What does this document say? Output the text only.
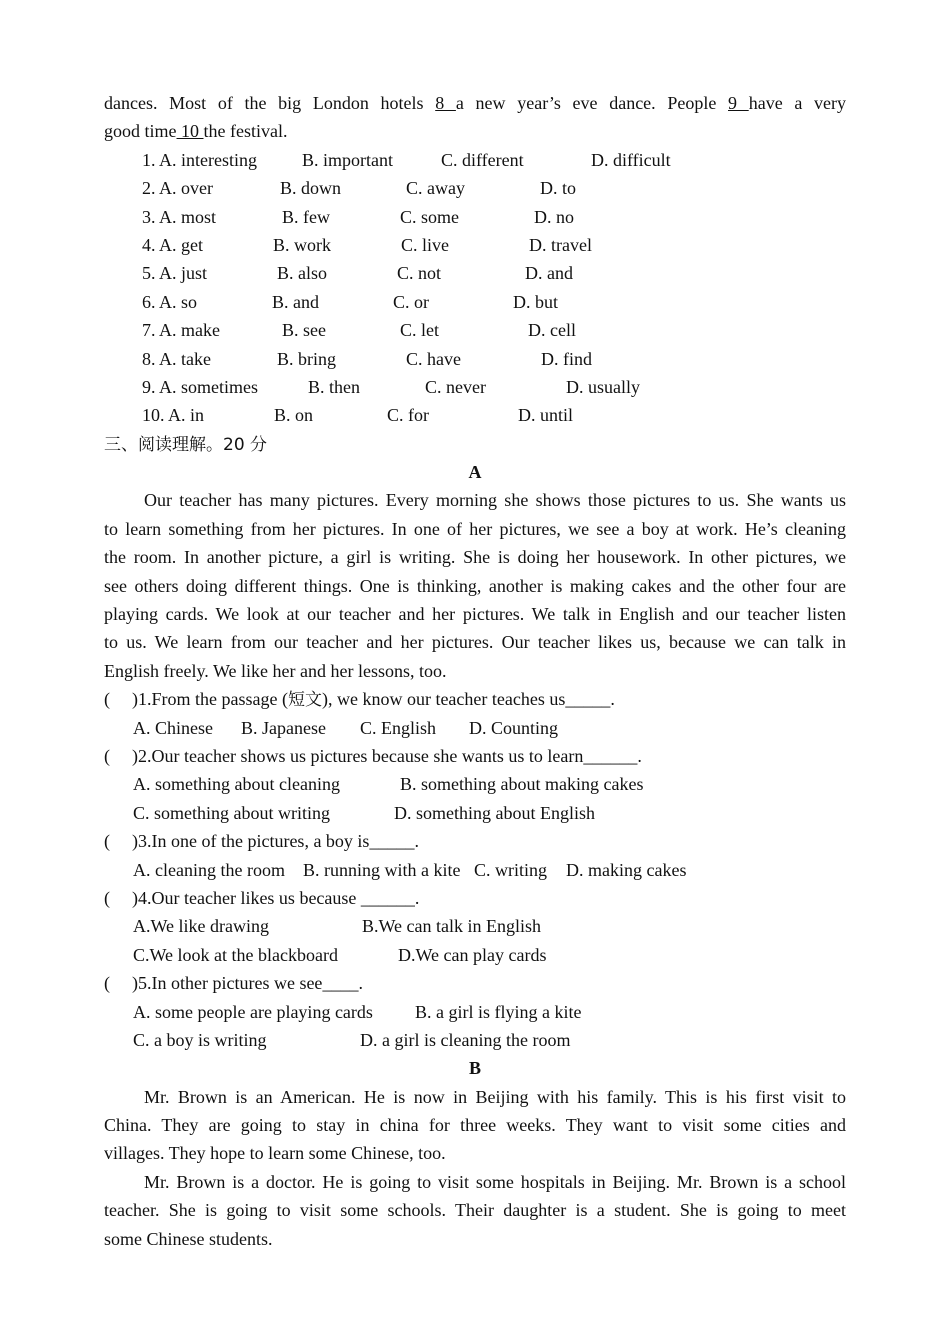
dances. Most of the big London hotels 8 a new year’s eve dance. People 9 have a very
good time 10 the festival.
1. A. interesting	B. important	C. different	D. difficult
2. A. over	B. down	C. away	D. to
3. A. most	B. few	C. some	D. no
4. A. get	B. work	C. live	D. travel
5. A. just	B. also	C. not	D. and
6. A. so	B. and	C. or	D. but
7. A. make	B. see	C. let	D. cell
8. A. take	B. bring	C. have	D. find
9. A. sometimes	B. then	C. never	D. usually
10. A. in	B. on	C. for	D. until
三、阅读理解。20 分
A
Our teacher has many pictures. Every morning she shows those pictures to us. She wants us
to learn something from her pictures. In one of her pictures, we see a boy at work. He’s cleaning
the room. In another picture, a girl is writing. She is doing her housework. In other pictures, we
see others doing different things. One is thinking, another is making cakes and the other four are
playing cards. We look at our teacher and her pictures. We talk in English and our teacher listen
to us. We learn from our teacher and her pictures. Our teacher likes us, because we can talk in
English freely. We like her and her lessons, too.
( )1.From the passage (短文), we know our teacher teaches us_____.
A. Chinese B. Japanese C. English D. Counting
( )2.Our teacher shows us pictures because she wants us to learn______.
A. something about cleaning	B. something about making cakes
C. something about writing	D. something about English
( )3.In one of the pictures, a boy is_____.
A. cleaning the room B. running with a kite C. writing D. making cakes
( )4.Our teacher likes us because ______.
A.We like drawing	B.We can talk in English
C.We look at the blackboard	D.We can play cards
( )5.In other pictures we see____.
A. some people are playing cards B. a girl is flying a kite
C. a boy is writing	D. a girl is cleaning the room
B
Mr. Brown is an American. He is now in Beijing with his family. This is his first visit to
China. They are going to stay in china for three weeks. They want to visit some cities and
villages. They hope to learn some Chinese, too.
Mr. Brown is a doctor. He is going to visit some hospitals in Beijing. Mr. Brown is a school
teacher. She is going to visit some schools. Their daughter is a student. She is going to meet
some Chinese students.
